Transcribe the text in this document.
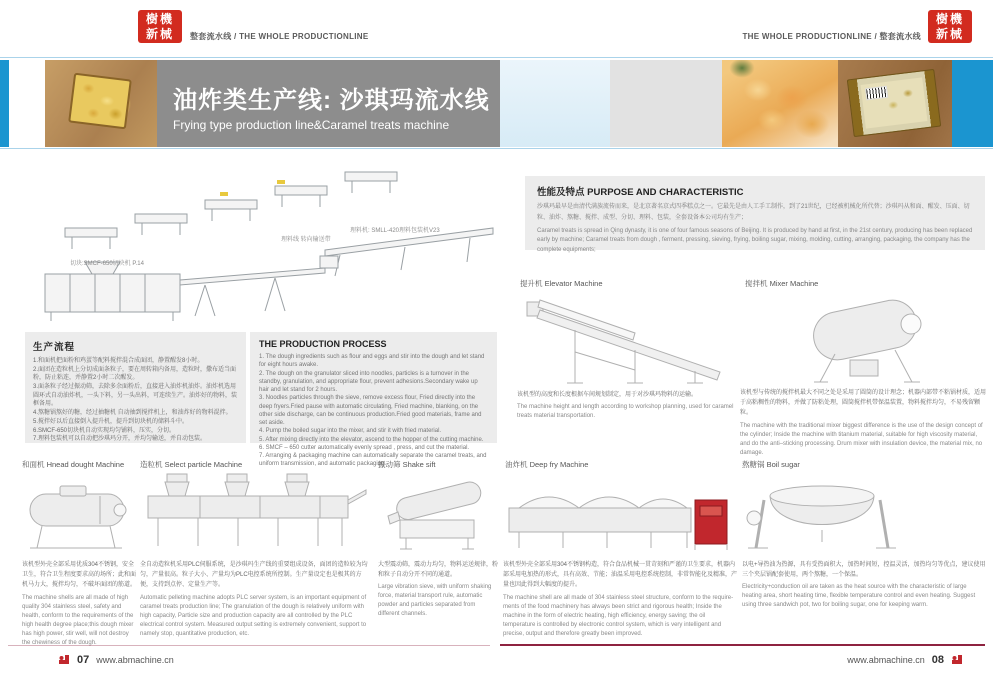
樹機
新械	整套流水线 / THE WHOLE PRODUCTIONLINE	THE WHOLE PRODUCTIONLINE / 整套流水线
樹機
新械
油炸类生产线: 沙琪玛流水线
Frying type production line&Caramel treats machine
切块:SMCF-650切块机 P.14
理料线 转向输送带
理料机: SMLL-420理料包装机V23
生产流程
1.和面机把面粉和鸡蛋等配料搅拌混合成面团，静置醒发8小时。
2.面团在造粒机上分切成面条粒子，要在周转箱内备用，造粒时，撒布适当面粉，防止粘连，并静置2小时二次醒发。
3.面条粒子经过振动筛，去除多余面粉后，直接进入油炸机油炸。油炸机选用圆环式自动油炸机，一头下料，另一头出料，可连续生产。油炸好的物料，装框备用。
4.熬糖锅熬好的糖，经过抽糖机 自动抽到搅拌机上，和油炸好的物料混拌。
5.搅拌好以后直接倒入提升机，提升到切块机的储料斗中。
6.SMCF-650切块机自动实现均匀铺料，压实，分切。
7.理料包装机可以自动把沙琪玛分开，并均匀输送，并自动包装。
THE PRODUCTION PROCESS
1. The dough ingredients such as flour and eggs and stir into the dough and let stand for eight hours awake.
2. The dough on the granulator sliced into noodles, particles is a turnover in the standby, granulation, and appropriate flour, prevent adhesions.Secondary wake up hair and let stand for 2 hours.
3. Noodles particles through the sieve, remove excess flour, Fried directly into the deep fryers.Fried pause with automatic circulating, Fried machine, blanking, on the other side discharge, can be continuous production.Fried good materials, frame and set aside.
4. Pump the boiled sugar into the mixer, and stir it with fried material.
5. After mixing directly into the elevator, ascend to the hopper of the cutting machine.
6. SMCF – 650 cutter automatically evenly spread , press, and cut the material.
7. Arranging & packaging machine can automatically separate the caramel treats, and uniform transmission, and automatic packaging.
性能及特点 PURPOSE AND CHARACTERISTIC
沙琪玛最早是由清代满族流传而来，是北京著名京式四季糕点之一。它最先是由人工手工制作，到了21世纪，已经被机械化所代替；沙琪玛从和面、醒发、压面、切粒、油炸、熬糖、搅拌、成型、分切、理料、包装，全套设备本公司均有生产；
Caramel treats is spread in Qing dynasty, it is one of four famous seasons of Beijing. It is produced by hand at first, in the 21st century, producing has been replaced early by machine; Caramel treats from dough , ferment, pressing, sieving, frying, boiling sugar, mixing, molding, cutting, arranging, packaging, the company has the complete equipments;
提升机 Elevator Machine	搅拌机 Mixer Machine
和面机 Hnead dought Machine 造粒机 Select particle Machine	振动筛 Shake sift	油炸机 Deep fry Machine	熬糖锅 Boil sugar
该机型的高度和长度根据车间规划制定，用于对沙琪玛物料的运输。
The machine height and length according to workshop planning, used for caramel treats material transportation.
该机型与传统的搅拌机最大不同之处是采用了圆筒的设计理念；机器内部带不粘锅材质，适用于高粘稠性的物料，并做了防粘处理，圆筒搅拌机带保温装置，物料搅拌均匀，不易残留颗粒。
The machine with the traditional mixer biggest difference is the use of the design concept of the cylinder; Inside the machine with titanium material, suitable for high viscosity material, and do the anti–sticking processing. Drum mixer with insulation device, the material mix, no damage.
该机型外壳全部采用优质304不锈钢，安全卫生，符合卫生程度要求高的场所；此和面机马力大，搅拌均匀，不破坏面团的筋道。
The machine shells are all made of high quality 304 stainless steel, safety and health, conform to the requirements of the high health degree place;this dough mixer has high power, stir well, will not destroy the chewiness of the dough.
全自动造粒机采用PLC伺服系统，是沙琪玛生产线的重要组成设备，面团的造粒较为均匀，产量很高。粒子大小、产量均为PLC电控系统所控制。生产量设定也是极其的方便，支持到点停、定量生产等。
Automatic pelleting machine adopts PLC server system, is an important equipment of caramel treats production line; The granulation of the dough is relatively uniform with high capacity, Particle size and production capacity are all controlled by the PLC electrical control system. Measured output setting is extremely convenient, support to namely stop, quantitative production, etc.
大型震动筛，震动力均匀，物料运送规律，粉和粒子自动分开不同的通道。
Large vibration sieve, with uniform shaking force, material transport rule, automatic powder and particles separated from different channels.
该机型外壳全部采用304不锈钢构造，符合食品机械一贯苛刻和严谨的卫生要求，机器内部采用电加热的形式，具有高效、节能；油温采用电控系统控制，非常智能化及精准，产量也因此得到大幅度的提升。
The machine shell are all made of 304 stainless steel structure, conform to the require-ments of the food machinery has always been strict and rigorous health; Inside the machine in the form of electric heating, high efficiency, energy saving; the oil temperature is controlled by electronic control system, which is very intelligent and precise, output and therefore greatly been improved.
以电+导热油为热源，具有受热面积大，加热时间短，控温灵活，加热均匀等优点，建议使用三个夹层锅配套使用，两个熬糖，一个保温。
Electricity+conduction oil are taken as the heat source with the characteristic of large heating area, short heating time, flexible temperature control and even heating. Suggest using three sandwich pot, two for boiling sugar, one for keeping warm.
07 www.abmachine.cn	www.abmachine.cn 08
